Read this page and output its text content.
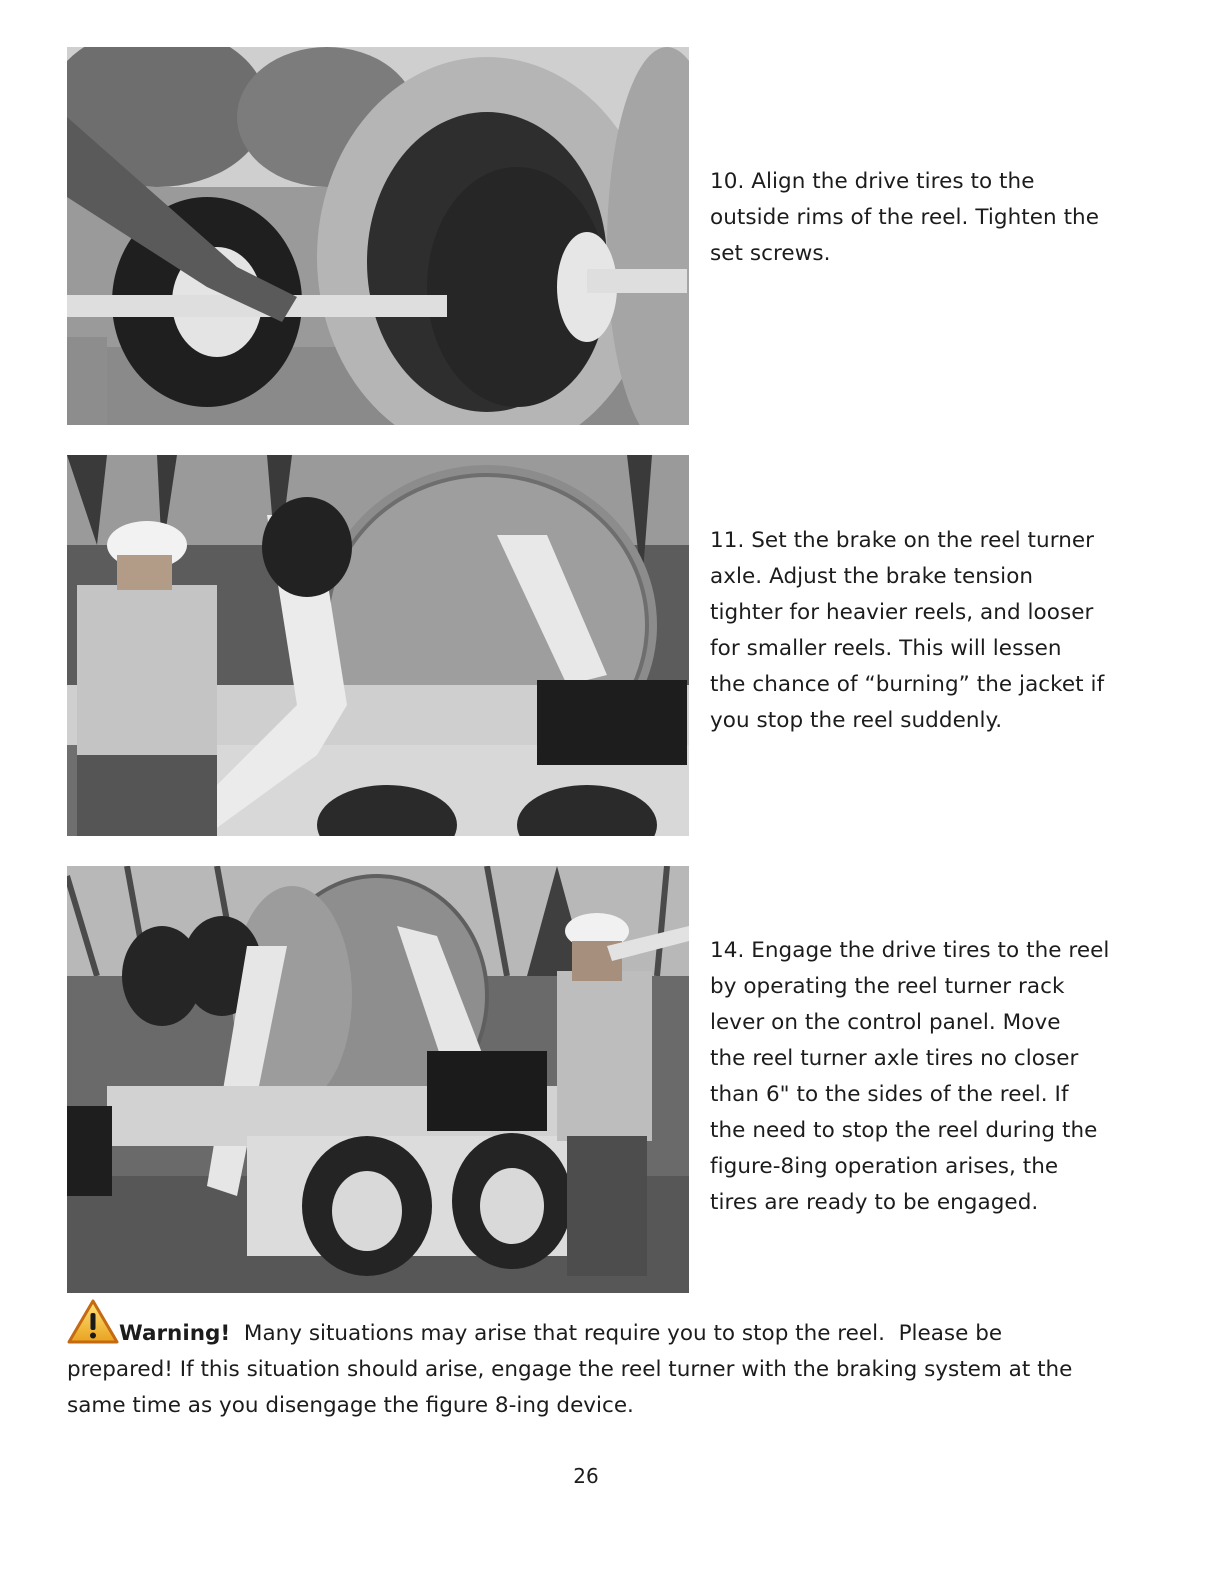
10. Align the drive tires to the
outside rims of the reel. Tighten the
set screws.
11. Set the brake on the reel turner
axle. Adjust the brake tension
tighter for heavier reels, and looser
for smaller reels. This will lessen
the chance of “burning” the jacket if
you stop the reel suddenly.
14. Engage the drive tires to the reel
by operating the reel turner rack
lever on the control panel. Move
the reel turner axle tires no closer
than 6" to the sides of the reel. If
the need to stop the reel during the
figure-8ing operation arises, the
tires are ready to be engaged.
Warning!  Many situations may arise that require you to stop the reel.  Please be
prepared! If this situation should arise, engage the reel turner with the braking system at the
same time as you disengage the figure 8-ing device.
26
